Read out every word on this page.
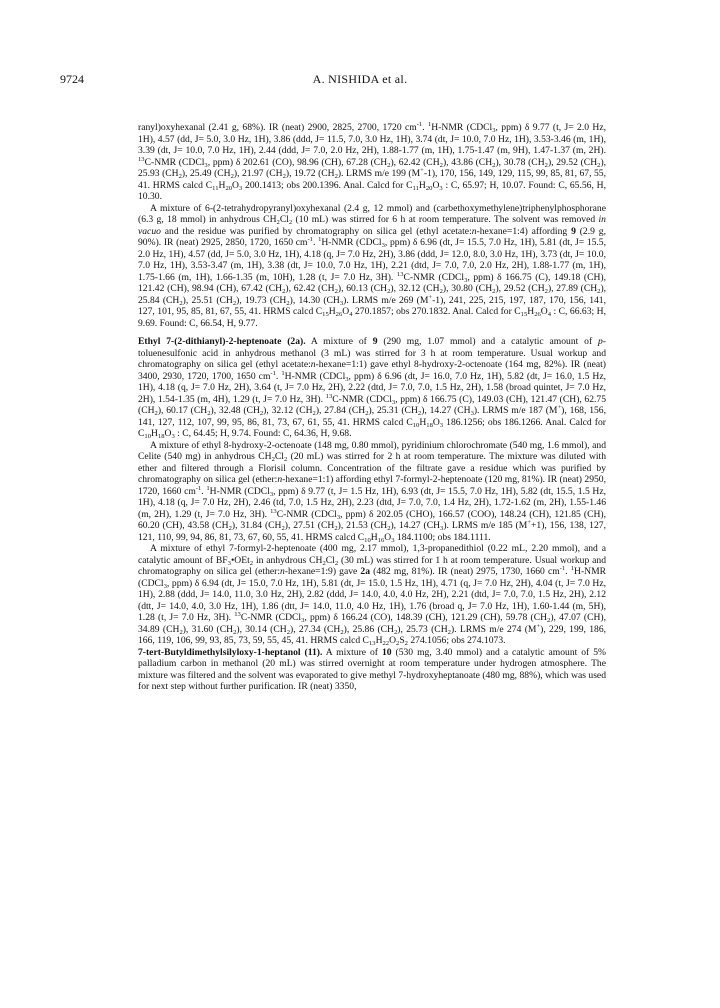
9724	A. NISHIDA et al.

ranyl)oxyhexanal (2.41 g, 68%). IR (neat) 2900, 2825, 2700, 1720 $cm^{-1}$. $^1$H-NMR (CDCl$_3$, ppm) δ 9.77 (t, J= 2.0 Hz, 1H), 4.57 (dd, J= 5.0, 3.0 Hz, 1H), 3.86 (ddd, J= 11.5, 7.0, 3.0 Hz, 1H), 3.74 (dt, J= 10.0, 7.0 Hz, 1H), 3.53-3.46 (m, 1H), 3.39 (dt, J= 10.0, 7.0 Hz, 1H), 2.44 (ddd, J= 7.0, 2.0 Hz, 2H), 1.88-1.77 (m, 1H), 1.75-1.47 (m, 9H), 1.47-1.37 (m, 2H). $^{13}$C-NMR (CDCl$_3$, ppm) δ 202.61 (CO), 98.96 (CH), 67.28 $(CH_2)$, 62.42 $(CH_2)$, 43.86 $(CH_2)$, 30.78 $(CH_2)$, 29.52 $(CH_2)$, 25.93 $(CH_2)$, 25.49 $(CH_2)$, 21.97 $(CH_2)$, 19.72 $(CH_2)$. LRMS m/e 199 (M+-1), 170, 156, 149, 129, 115, 99, 85, 81, 67, 55, 41. HRMS calcd $C_{11}H_{20}O_3$ 200.1413; obs 200.1396. Anal. Calcd for $C_{11}H_{20}O_3$ : C, 65.97; H, 10.07. Found: C, 65.56, H, 10.30.

A mixture of 6-(2-tetrahydropyranyl)oxyhexanal (2.4 g, 12 mmol) and (carbethoxymethylene)triphenylphosphorane (6.3 g, 18 mmol) in anhydrous $CH_2Cl_2$ (10 mL) was stirred for 6 h at room temperature. The solvent was removed in vacuo and the residue was purified by chromatography on silica gel (ethyl acetate:n-hexane=1:4) affording 9 (2.9 g, 90%). IR (neat) 2925, 2850, 1720, 1650 $cm^{-1}$. $^1$H-NMR (CDCl$_3$, ppm) δ 6.96 (dt, J= 15.5, 7.0 Hz, 1H), 5.81 (dt, J= 15.5, 2.0 Hz, 1H), 4.57 (dd, J= 5.0, 3.0 Hz, 1H), 4.18 (q, J= 7.0 Hz, 2H), 3.86 (ddd, J= 12.0, 8.0, 3.0 Hz, 1H), 3.73 (dt, J= 10.0, 7.0 Hz, 1H), 3.53-3.47 (m, 1H), 3.38 (dt, J= 10.0, 7.0 Hz, 1H), 2.21 (dtd, J= 7.0, 7.0, 2.0 Hz, 2H), 1.88-1.77 (m, 1H), 1.75-1.66 (m, 1H), 1.66-1.35 (m, 10H), 1.28 (t, J= 7.0 Hz, 3H). $^{13}$C-NMR (CDCl$_3$, ppm) δ 166.75 (C), 149.18 (CH), 121.42 (CH), 98.94 (CH), 67.42 $(CH_2)$, 62.42 $(CH_2)$, 60.13 $(CH_2)$, 32.12 $(CH_2)$, 30.80 $(CH_2)$, 29.52 $(CH_2)$, 27.89 $(CH_2)$, 25.84 $(CH_2)$, 25.51 $(CH_2)$, 19.73 $(CH_2)$, 14.30 $(CH_3)$. LRMS m/e 269 (M+-1), 241, 225, 215, 197, 187, 170, 156, 141, 127, 101, 95, 85, 81, 67, 55, 41. HRMS calcd $C_{15}H_{26}O_4$ 270.1857; obs 270.1832. Anal. Calcd for $C_{15}H_{26}O_4$ : C, 66.63; H, 9.69. Found: C, 66.54, H, 9.77.

Ethyl 7-(2-dithianyl)-2-heptenoate (2a). A mixture of 9 (290 mg, 1.07 mmol) and a catalytic amount of p-toluenesulfonic acid in anhydrous methanol (3 mL) was stirred for 3 h at room temperature. Usual workup and chromatography on silica gel (ethyl acetate:n-hexane=1:1) gave ethyl 8-hydroxy-2-octenoate (164 mg, 82%). IR (neat) 3400, 2930, 1720, 1700, 1650 $cm^{-1}$. $^1$H-NMR (CDCl$_3$, ppm) δ 6.96 (dt, J= 16.0, 7.0 Hz, 1H), 5.82 (dt, J= 16.0, 1.5 Hz, 1H), 4.18 (q, J= 7.0 Hz, 2H), 3.64 (t, J= 7.0 Hz, 2H), 2.22 (dtd, J= 7.0, 7.0, 1.5 Hz, 2H), 1.58 (broad quintet, J= 7.0 Hz, 2H), 1.54-1.35 (m, 4H), 1.29 (t, J= 7.0 Hz, 3H). $^{13}$C-NMR (CDCl$_3$, ppm) δ 166.75 (C), 149.03 (CH), 121.47 (CH), 62.75 $(CH_2)$, 60.17 $(CH_2)$, 32.48 $(CH_2)$, 32.12 $(CH_2)$, 27.84 $(CH_2)$, 25.31 $(CH_2)$, 14.27 $(CH_3)$. LRMS m/e 187 (M+), 168, 156, 141, 127, 112, 107, 99, 95, 86, 81, 73, 67, 61, 55, 41. HRMS calcd $C_{10}H_{18}O_3$ 186.1256; obs 186.1266. Anal. Calcd for $C_{10}H_{18}O_3$ : C, 64.45; H, 9.74. Found: C, 64.36, H, 9.68.

A mixture of ethyl 8-hydroxy-2-octenoate (148 mg, 0.80 mmol), pyridinium chlorochromate (540 mg, 1.6 mmol), and Celite (540 mg) in anhydrous $CH_2Cl_2$ (20 mL) was stirred for 2 h at room temperature. The mixture was diluted with ether and filtered through a Florisil column. Concentration of the filtrate gave a residue which was purified by chromatography on silica gel (ether:n-hexane=1:1) affording ethyl 7-formyl-2-heptenoate (120 mg, 81%). IR (neat) 2950, 1720, 1660 $cm^{-1}$. $^1$H-NMR (CDCl$_3$, ppm) δ 9.77 (t, J= 1.5 Hz, 1H), 6.93 (dt, J= 15.5, 7.0 Hz, 1H), 5.82 (dt, 15.5, 1.5 Hz, 1H), 4.18 (q, J= 7.0 Hz, 2H), 2.46 (td, 7.0, 1.5 Hz, 2H), 2.23 (dtd, J= 7.0, 7.0, 1.4 Hz, 2H), 1.72-1.62 (m, 2H), 1.55-1.46 (m, 2H), 1.29 (t, J= 7.0 Hz, 3H). $^{13}$C-NMR (CDCl$_3$, ppm) δ 202.05 (CHO), 166.57 (COO), 148.24 (CH), 121.85 (CH), 60.20 (CH), 43.58 $(CH_2)$, 31.84 $(CH_2)$, 27.51 $(CH_2)$, 21.53 $(CH_2)$, 14.27 $(CH_3)$. LRMS m/e 185 (M++1), 156, 138, 127, 121, 110, 99, 94, 86, 81, 73, 67, 60, 55, 41. HRMS calcd $C_{10}H_{16}O_3$ 184.1100; obs 184.1111.

A mixture of ethyl 7-formyl-2-heptenoate (400 mg, 2.17 mmol), 1,3-propanedithiol (0.22 mL, 2.20 mmol), and a catalytic amount of $BF_3•OEt_2$ in anhydrous $CH_2Cl_2$ (30 mL) was stirred for 1 h at room temperature. Usual workup and chromatography on silica gel (ether:n-hexane=1:9) gave 2a (482 mg, 81%). IR (neat) 2975, 1730, 1660 $cm^{-1}$. $^1$H-NMR (CDCl$_3$, ppm) δ 6.94 (dt, J= 15.0, 7.0 Hz, 1H), 5.81 (dt, J= 15.0, 1.5 Hz, 1H), 4.71 (q, J= 7.0 Hz, 2H), 4.04 (t, J= 7.0 Hz, 1H), 2.88 (ddd, J= 14.0, 11.0, 3.0 Hz, 2H), 2.82 (ddd, J= 14.0, 4.0, 4.0 Hz, 2H), 2.21 (dtd, J= 7.0, 7.0, 1.5 Hz, 2H), 2.12 (dtt, J= 14.0, 4.0, 3.0 Hz, 1H), 1.86 (dtt, J= 14.0, 11.0, 4.0 Hz, 1H), 1.76 (broad q, J= 7.0 Hz, 1H), 1.60-1.44 (m, 5H), 1.28 (t, J= 7.0 Hz, 3H). $^{13}$C-NMR (CDCl$_3$, ppm) δ 166.24 (CO), 148.39 (CH), 121.29 (CH), 59.78 $(CH_2)$, 47.07 (CH), 34.89 $(CH_2)$, 31.60 $(CH_2)$, 30.14 $(CH_2)$, 27.34 $(CH_2)$, 25.86 $(CH_2)$, 25.73 $(CH_2)$. LRMS m/e 274 (M+), 229, 199, 186, 166, 119, 106, 99, 93, 85, 73, 59, 55, 45, 41. HRMS calcd $C_{13}H_{22}O_2S_2$ 274.1056; obs 274.1073.

7-tert-Butyldimethylsilyloxy-1-heptanol (11). A mixture of 10 (530 mg, 3.40 mmol) and a catalytic amount of 5% palladium carbon in methanol (20 mL) was stirred overnight at room temperature under hydrogen atmosphere. The mixture was filtered and the solvent was evaporated to give methyl 7-hydroxyheptanoate (480 mg, 88%), which was used for next step without further purification. IR (neat) 3350,
